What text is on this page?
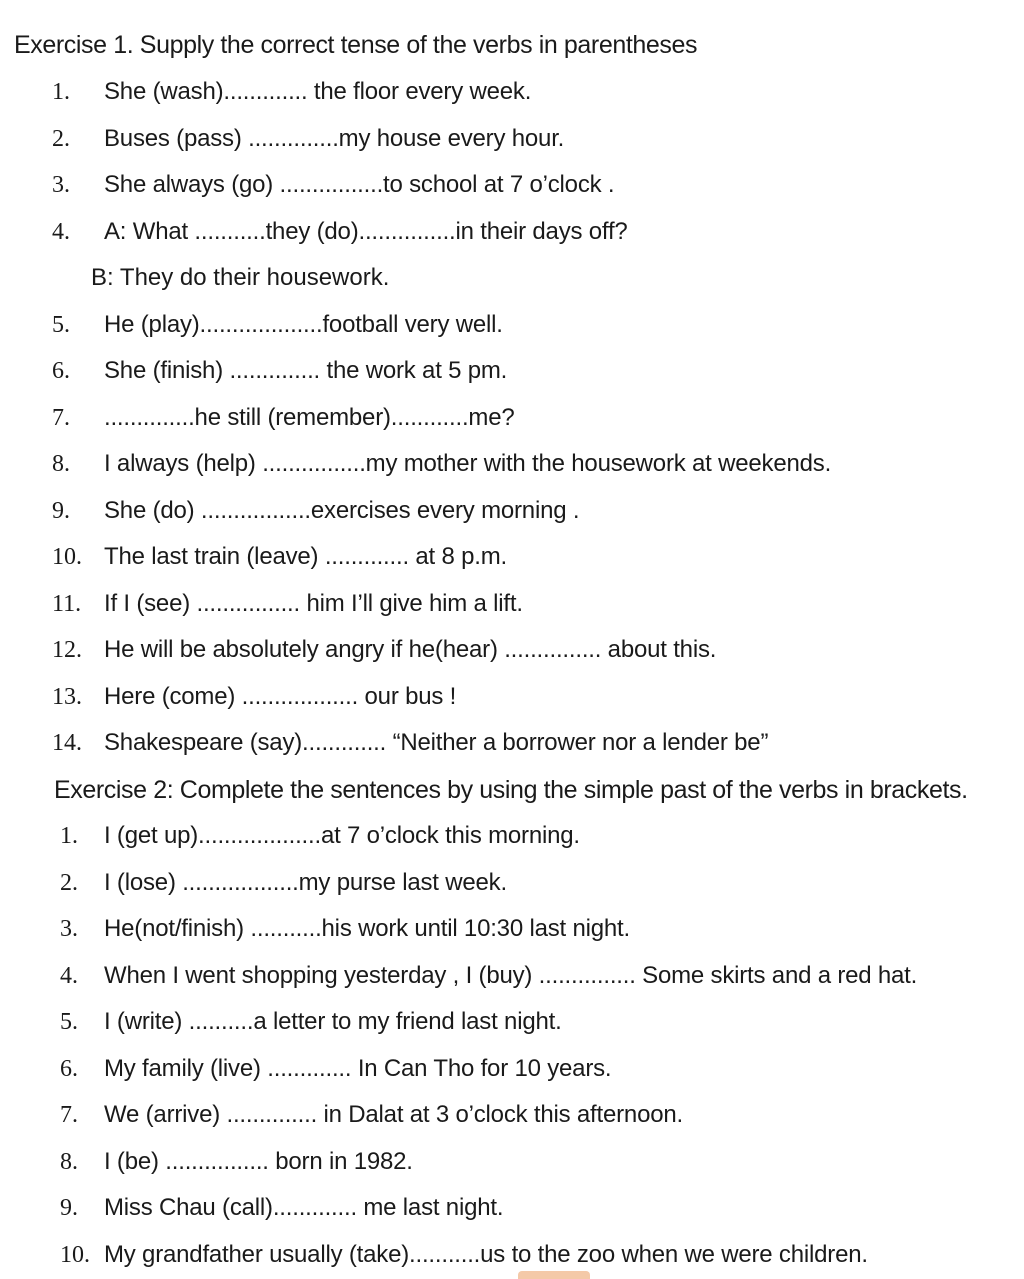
Exercise 1. Supply the correct tense of the verbs in parentheses
1. She (wash)............. the floor every week.
2. Buses (pass) ..............my house every hour.
3. She always (go) ................to school at 7 o’clock .
4. A: What ...........they (do)...............in their days off?
B: They do their housework.
5. He (play)...................football very well.
6. She (finish) .............. the work at 5 pm.
7. ..............he still (remember)............me?
8. I always (help) ................my mother with the housework at weekends.
9. She (do) .................exercises every morning .
10. The last train (leave) ............. at 8 p.m.
11. If I (see) ................ him I’ll give him a lift.
12. He will be absolutely angry if he(hear) ............... about this.
13. Here (come) .................. our bus !
14. Shakespeare (say)............. “Neither a borrower nor a lender be”
Exercise 2: Complete the sentences by using the simple past of the verbs in brackets.
1. I (get up)...................at 7 o’clock this morning.
2. I (lose) ..................my purse last week.
3. He(not/finish) ...........his work until 10:30 last night.
4. When I went shopping yesterday , I (buy) ............... Some skirts and a red hat.
5. I (write) ..........a letter to my friend last night.
6. My family (live) ............. In Can Tho for 10 years.
7. We (arrive) .............. in Dalat at 3 o’clock this afternoon.
8. I (be) ................ born in 1982.
9. Miss Chau (call)............. me last night.
10. My grandfather usually (take)...........us to the zoo when we were children.
